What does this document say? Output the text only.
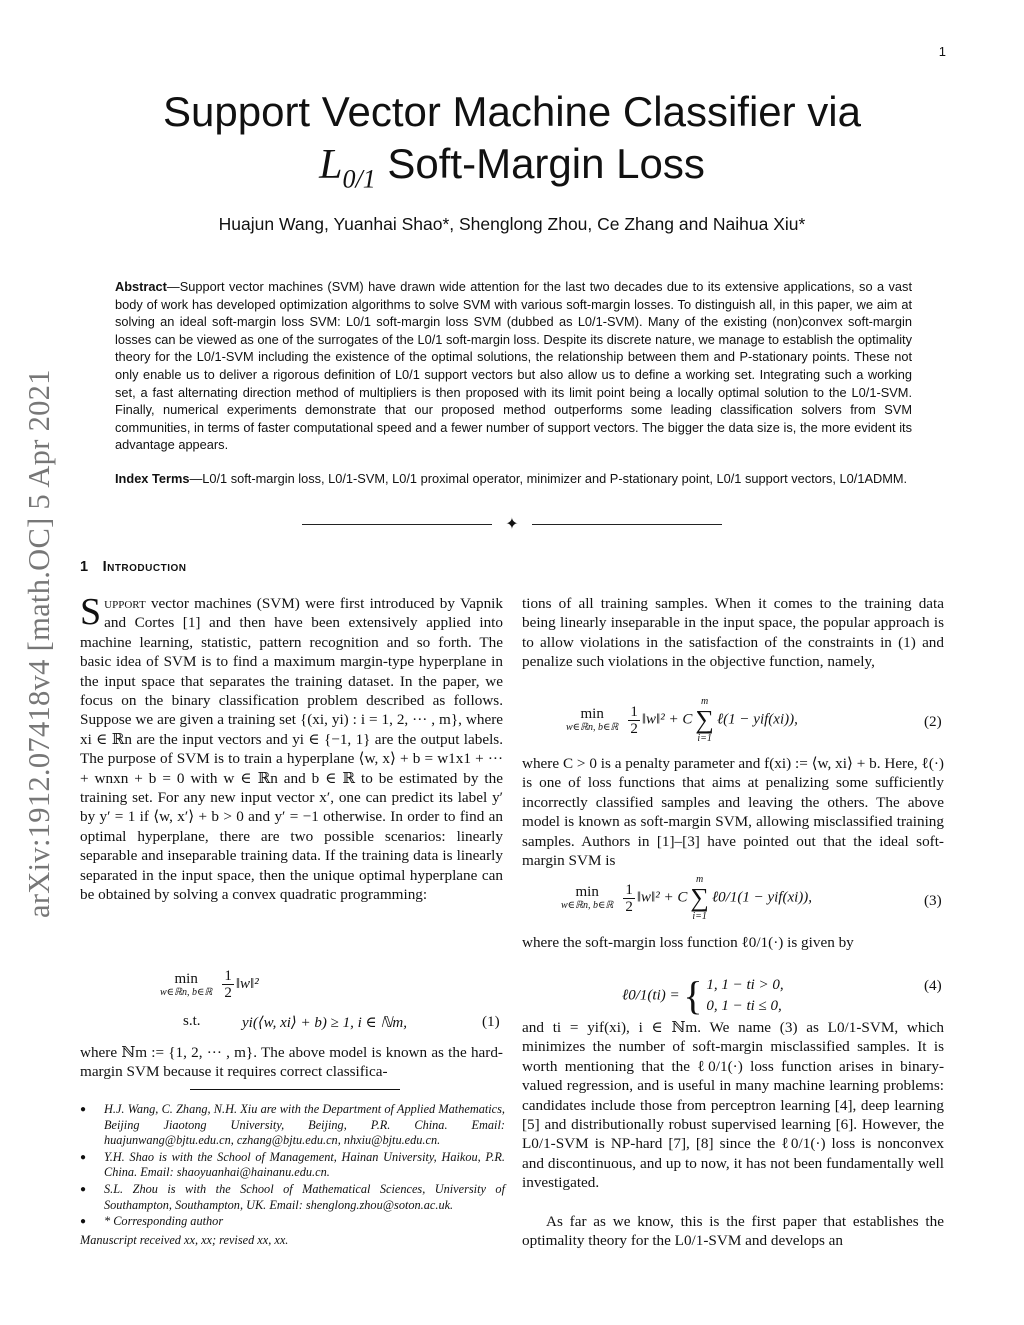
1
Support Vector Machine Classifier via
$L_{0/1}$ Soft-Margin Loss
Huajun Wang, Yuanhai Shao*, Shenglong Zhou, Ce Zhang and Naihua Xiu*

Abstract—Support vector machines (SVM) have drawn wide attention for the last two decades due to its extensive applications, so a vast body of work has developed optimization algorithms to solve SVM with various soft-margin losses. To distinguish all, in this paper, we aim at solving an ideal soft-margin loss SVM: L0/1 soft-margin loss SVM (dubbed as L0/1-SVM). Many of the existing (non)convex soft-margin losses can be viewed as one of the surrogates of the L0/1 soft-margin loss. Despite its discrete nature, we manage to establish the optimality theory for the L0/1-SVM including the existence of the optimal solutions, the relationship between them and P-stationary points. These not only enable us to deliver a rigorous definition of L0/1 support vectors but also allow us to define a working set. Integrating such a working set, a fast alternating direction method of multipliers is then proposed with its limit point being a locally optimal solution to the L0/1-SVM. Finally, numerical experiments demonstrate that our proposed method outperforms some leading classification solvers from SVM communities, in terms of faster computational speed and a fewer number of support vectors. The bigger the data size is, the more evident its advantage appears.

Index Terms—L0/1 soft-margin loss, L0/1-SVM, L0/1 proximal operator, minimizer and P-stationary point, L0/1 support vectors, L0/1ADMM.

✦
1 Introduction
arXiv:1912.07418v4 [math.OC] 5 Apr 2021 Support vector machines (SVM) were first introduced by Vapnik and Cortes [1] and then have been extensively applied into machine learning, statistic, pattern recognition and so forth. The basic idea of SVM is to find a maximum margin-type hyperplane in the input space that separates the training dataset. In the paper, we focus on the binary classification problem described as follows. Suppose we are given a training set {(xi, yi) : i = 1, 2, ··· , m}, where xi ∈ ℝn are the input vectors and yi ∈ {−1, 1} are the output labels. The purpose of SVM is to train a hyperplane ⟨w, x⟩ + b = w1x1 + ··· + wnxn + b = 0 with w ∈ ℝn and b ∈ ℝ to be estimated by the training set. For any new input vector x′, one can predict its label y′ by y′ = 1 if ⟨w, x′⟩ + b > 0 and y′ = −1 otherwise. In order to find an optimal hyperplane, there are two possible scenarios: linearly separable and inseparable training data. If the training data is linearly separated in the input space, then the unique optimal hyperplane can be obtained by solving a convex quadratic programming:

min
w∈ℝn, b∈ℝ $\frac{1}{2}$ ‖w‖²
s.t.	yi(⟨w, xi⟩ + b) ≥ 1, i ∈ ℕm,	(1)

where ℕm := {1, 2, ··· , m}. The above model is known as the hard-margin SVM because it requires correct classifica-

● H.J. Wang, C. Zhang, N.H. Xiu are with the Department of Applied Mathematics, Beijing Jiaotong University, Beijing, P.R. China. Email: huajunwang@bjtu.edu.cn, czhang@bjtu.edu.cn, nhxiu@bjtu.edu.cn.
● Y.H. Shao is with the School of Management, Hainan University, Haikou, P.R. China. Email: shaoyuanhai@hainanu.edu.cn.
● S.L. Zhou is with the School of Mathematical Sciences, University of Southampton, Southampton, UK. Email: shenglong.zhou@soton.ac.uk.
● * Corresponding author
Manuscript received xx, xx; revised xx, xx.

tions of all training samples. When it comes to the training data being linearly inseparable in the input space, the popular approach is to allow violations in the satisfaction of the constraints in (1) and penalize such violations in the objective function, namely,

min
w∈ℝn, b∈ℝ $\frac{1}{2}$ ‖w‖² + C
m
∑
i=1
ℓ(1 − yif(xi)),	(2)

where C > 0 is a penalty parameter and f(xi) := ⟨w, xi⟩ + b. Here, ℓ(·) is one of loss functions that aims at penalizing some sufficiently incorrectly classified samples and leaving the others. The above model is known as soft-margin SVM, allowing misclassified training samples. Authors in [1]–[3] have pointed out that the ideal soft-margin SVM is

min
w∈ℝn, b∈ℝ $\frac{1}{2}$ ‖w‖² + C
m
∑
i=1
ℓ0/1(1 − yif(xi)),	(3)

where the soft-margin loss function ℓ0/1(·) is given by

ℓ0/1(ti) = { 1, 1 − ti > 0,
0, 1 − ti ≤ 0,
(4)

and ti = yif(xi), i ∈ ℕm. We name (3) as L0/1-SVM, which minimizes the number of soft-margin misclassified samples. It is worth mentioning that the ℓ0/1(·) loss function arises in binary-valued regression, and is useful in many machine learning problems: candidates include those from perceptron learning [4], deep learning [5] and distributionally robust supervised learning [6]. However, the L0/1-SVM is NP-hard [7], [8] since the ℓ0/1(·) loss is nonconvex and discontinuous, and up to now, it has not been fundamentally well investigated.

As far as we know, this is the first paper that establishes the optimality theory for the L0/1-SVM and develops an
